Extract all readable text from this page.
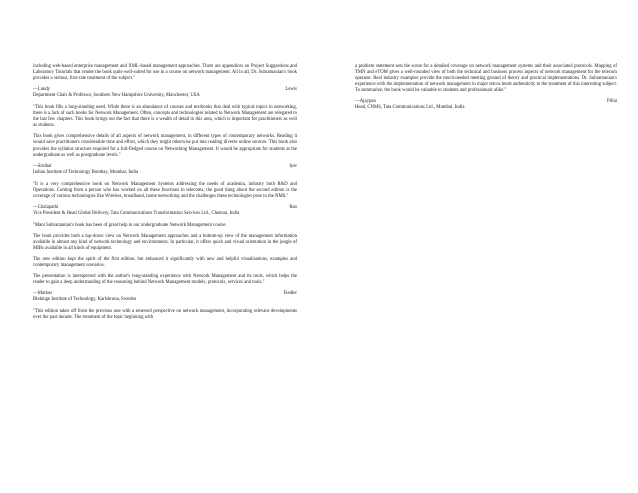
including web-based enterprise management and XML-based management approaches. There are appendices on Project Suggestions and Laboratory Tutorials that render the book quite well-suited for use in a course on network management. All in all, Dr. Subramanian's book provides a serious, first-rate treatment of the subject."

—Lundy	Lewis
Department Chair & Professor, Southern New Hampshire University, Manchester, USA

"This book fills a long-standing need. While there is an abundance of courses and textbooks that deal with typical topics in networking, there is a lack of such books for Network Management. Often, concepts and technologies related to Network Management are relegated to the last few chapters. This book brings out the fact that there is a wealth of detail in this area, which is important for practitioners as well as students.

This book gives comprehensive details of all aspects of network management, in different types of contemporary networks. Reading it would save practitioners considerable time and effort, which they might otherwise put into reading diverse online sources. This book also provides the syllabus structure required for a full-fledged course on Networking Management. It would be appropriate for students at the undergraduate as well as postgraduate levels."

—Sridhar	Iyer
Indian Institute of Technology Bombay, Mumbai, India

"It is a very comprehensive book on Network Management Systems addressing the needs of academia, industry both R&D and Operations. Coming from a person who has worked on all these functions in telecoms, the good thing about the second edition is the coverage of various technologies like Wireless, broadband, home networking and the challenges these technologies pose to the NMS."

—Chalapathi	Rao
Vice President & Head Global Delivery, Tata Communications Transformation Services Ltd., Chennai, India

"Mani Subramanian's book has been of great help in our undergraduate Network Management course.

The book provides both a top-down view on Network Management approaches and a bottom-up view of the management information available in almost any kind of network technology and environments. In particular, it offers quick and visual orientation in the jungle of MIBs available in all kinds of equipment.

The new edition kept the spirit of the first edition, but enhanced it significantly with new and helpful visualisations, examples and contemporary management scenarios.

The presentation is interspersed with the author's long-standing experience with Network Management and its tools, which helps the reader to gain a deep understanding of the reasoning behind Network Management models, protocols, services and tools."

—Markus	Fiedler
Blekinge Institute of Technology, Karlskrona, Sweden

"This edition takes off from the previous one with a renewed perspective on network management, incorporating relevant developments over the past decade. The treatment of the topic beginning with

a problem statement sets the scene for a detailed coverage on network management systems and their associated protocols. Mapping of TMN and eTOM gives a well-rounded view of both the technical and business process aspects of network management for the telecom operator. Real industry examples provide the much-needed meeting ground of theory and practical implementations. Dr. Subramanian's experience with the implementation of network management in major telcos lends authenticity to the treatment of this interesting subject. To summarize, the book would be valuable to students and professionals alike."

—Ajaypan	Pillai
Head, CNMS, Tata Communications Ltd., Mumbai, India
